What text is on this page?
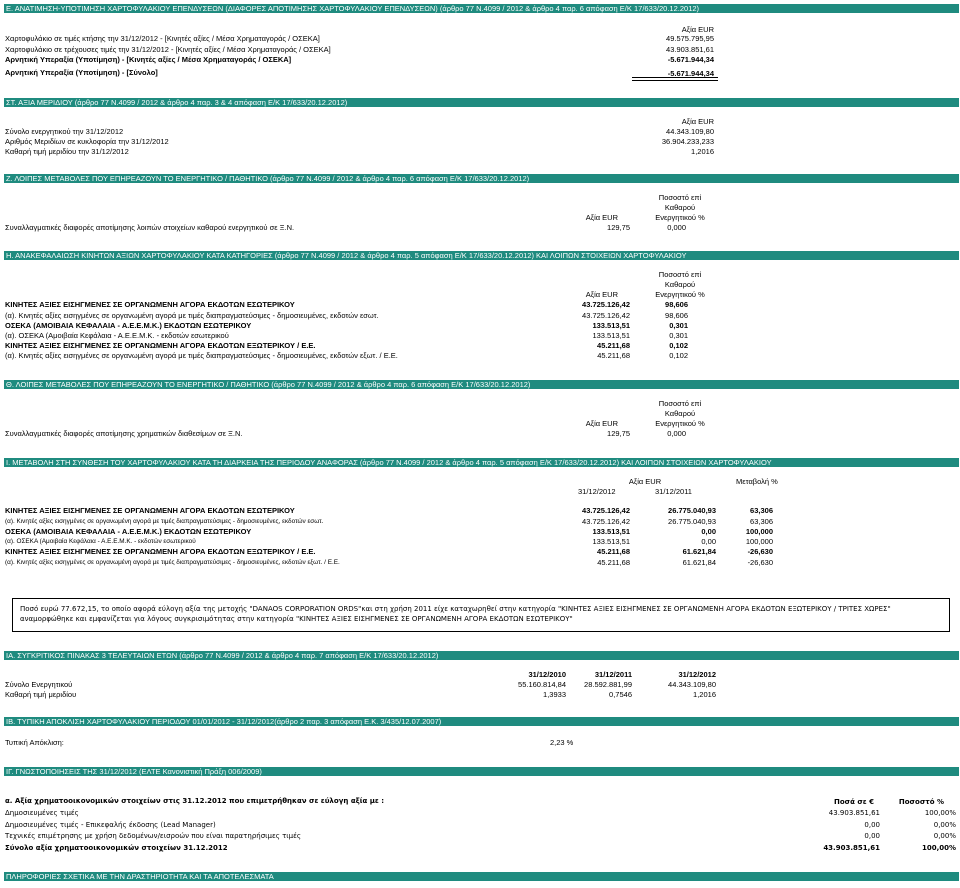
Ε. ΑΝΑΤΙΜΗΣΗ-ΥΠΟΤΙΜΗΣΗ ΧΑΡΤΟΦΥΛΑΚΙΟΥ ΕΠΕΝΔΥΣΕΩΝ (ΔΙΑΦΟΡΕΣ ΑΠΟΤΙΜΗΣΗΣ ΧΑΡΤΟΦΥΛΑΚΙΟΥ ΕΠΕΝΔΥΣΕΩΝ) (άρθρο 77 Ν.4099 / 2012 & άρθρο 4 παρ. 6 απόφαση Ε/Κ 17/633/20.12.2012)
Αξία EUR
Χαρτοφυλάκιο σε τιμές κτήσης την 31/12/2012 - [Κινητές αξίες / Μέσα Χρηματαγοράς / ΟΣΕΚΑ]	49.575.795,95
Χαρτοφυλάκιο σε τρέχουσες τιμές την 31/12/2012 - [Κινητές αξίες / Μέσα Χρηματαγοράς / ΟΣΕΚΑ]	43.903.851,61
Αρνητική Υπεραξία (Υποτίμηση) - [Κινητές αξίες / Μέσα Χρηματαγοράς / ΟΣΕΚΑ]	-5.671.944,34
Αρνητική Υπεραξία (Υποτίμηση) - [Σύνολο]	-5.671.944,34
ΣΤ. ΑΞΙΑ ΜΕΡΙΔΙΟΥ (άρθρο 77 Ν.4099 / 2012 & άρθρο 4 παρ. 3 & 4 απόφαση Ε/Κ 17/633/20.12.2012)
Αξία EUR
Σύνολο ενεργητικού την 31/12/2012	44.343.109,80
Αριθμός Μεριδίων σε κυκλοφορία την 31/12/2012	36.904.233,233
Καθαρή τιμή μεριδίου την 31/12/2012	1,2016
Ζ. ΛΟΙΠΕΣ ΜΕΤΑΒΟΛΕΣ ΠΟΥ ΕΠΗΡΕΑΖΟΥΝ ΤΟ ΕΝΕΡΓΗΤΙΚΟ / ΠΑΘΗΤΙΚΟ (άρθρο 77 Ν.4099 / 2012 & άρθρο 4 παρ. 6 απόφαση Ε/Κ 17/633/20.12.2012)
Ποσοστό επί
Καθαρού
Αξία EUR	Ενεργητικού %
Συναλλαγματικές διαφορές αποτίμησης λοιπών στοιχείων καθαρού ενεργητικού σε Ξ.Ν.	129,75	0,000
Η. ΑΝΑΚΕΦΑΛΑΙΩΣΗ ΚΙΝΗΤΩΝ ΑΞΙΩΝ ΧΑΡΤΟΦΥΛΑΚΙΟΥ ΚΑΤΑ ΚΑΤΗΓΟΡΙΕΣ (άρθρο 77 Ν.4099 / 2012 & άρθρο 4 παρ. 5 απόφαση Ε/Κ 17/633/20.12.2012) ΚΑΙ ΛΟΙΠΩΝ ΣΤΟΙΧΕΙΩΝ ΧΑΡΤΟΦΥΛΑΚΙΟΥ
Ποσοστό επί
Καθαρού
Αξία EUR	Ενεργητικού %
ΚΙΝΗΤΕΣ ΑΞΙΕΣ ΕΙΣΗΓΜΕΝΕΣ ΣΕ ΟΡΓΑΝΩΜΕΝΗ ΑΓΟΡΑ ΕΚΔΟΤΩΝ ΕΣΩΤΕΡΙΚΟΥ	43.725.126,42	98,606
(α). Κινητές αξίες εισηγμένες σε οργανωμένη αγορά με τιμές διαπραγματεύσιμες - δημοσιευμένες, εκδοτών εσωτ.	43.725.126,42	98,606
ΟΣΕΚΑ (ΑΜΟΙΒΑΙΑ ΚΕΦΑΛΑΙΑ - Α.Ε.Ε.Μ.Κ.) ΕΚΔΟΤΩΝ ΕΣΩΤΕΡΙΚΟΥ	133.513,51	0,301
(α). ΟΣΕΚΑ (Αμοιβαία Κεφάλαια - Α.Ε.Ε.Μ.Κ. - εκδοτών εσωτερικού	133.513,51	0,301
ΚΙΝΗΤΕΣ ΑΞΙΕΣ ΕΙΣΗΓΜΕΝΕΣ ΣΕ ΟΡΓΑΝΩΜΕΝΗ ΑΓΟΡΑ ΕΚΔΟΤΩΝ ΕΞΩΤΕΡΙΚΟΥ / Ε.Ε.	45.211,68	0,102
(α). Κινητές αξίες εισηγμένες σε οργανωμένη αγορά με τιμές διαπραγματεύσιμες - δημοσιευμένες, εκδοτών εξωτ. / Ε.Ε.	45.211,68	0,102
Θ. ΛΟΙΠΕΣ ΜΕΤΑΒΟΛΕΣ ΠΟΥ ΕΠΗΡΕΑΖΟΥΝ ΤΟ ΕΝΕΡΓΗΤΙΚΟ / ΠΑΘΗΤΙΚΟ (άρθρο 77 Ν.4099 / 2012 & άρθρο 4 παρ. 6 απόφαση Ε/Κ 17/633/20.12.2012)
Ποσοστό επί
Καθαρού
Αξία EUR	Ενεργητικού %
Συναλλαγματικές διαφορές αποτίμησης χρηματικών διαθεσίμων σε Ξ.Ν.	129,75	0,000
Ι. ΜΕΤΑΒΟΛΗ ΣΤΗ ΣΥΝΘΕΣΗ ΤΟΥ ΧΑΡΤΟΦΥΛΑΚΙΟΥ ΚΑΤΑ ΤΗ ΔΙΑΡΚΕΙΑ ΤΗΣ ΠΕΡΙΟΔΟΥ ΑΝΑΦΟΡΑΣ (άρθρο 77 Ν.4099 / 2012 & άρθρο 4 παρ. 5 απόφαση Ε/Κ 17/633/20.12.2012) ΚΑΙ ΛΟΙΠΩΝ ΣΤΟΙΧΕΙΩΝ ΧΑΡΤΟΦΥΛΑΚΙΟΥ
Αξία EUR	Μεταβολή %
31/12/2012	31/12/2011
ΚΙΝΗΤΕΣ ΑΞΙΕΣ ΕΙΣΗΓΜΕΝΕΣ ΣΕ ΟΡΓΑΝΩΜΕΝΗ ΑΓΟΡΑ ΕΚΔΟΤΩΝ ΕΣΩΤΕΡΙΚΟΥ	43.725.126,42	26.775.040,93	63,306
(α). Κινητές αξίες εισηγμένες σε οργανωμένη αγορά με τιμές διαπραγματεύσιμες - δημοσιευμένες, εκδοτών εσωτ.	43.725.126,42	26.775.040,93	63,306
ΟΣΕΚΑ (ΑΜΟΙΒΑΙΑ ΚΕΦΑΛΑΙΑ - Α.Ε.Ε.Μ.Κ.) ΕΚΔΟΤΩΝ ΕΣΩΤΕΡΙΚΟΥ	133.513,51	0,00	100,000
(α). ΟΣΕΚΑ (Αμοιβαία Κεφάλαια - Α.Ε.Ε.Μ.Κ. - εκδοτών εσωτερικού	133.513,51	0,00	100,000
ΚΙΝΗΤΕΣ ΑΞΙΕΣ ΕΙΣΗΓΜΕΝΕΣ ΣΕ ΟΡΓΑΝΩΜΕΝΗ ΑΓΟΡΑ ΕΚΔΟΤΩΝ ΕΞΩΤΕΡΙΚΟΥ / Ε.Ε.	45.211,68	61.621,84	-26,630
(α). Κινητές αξίες εισηγμένες σε οργανωμένη αγορά με τιμές διαπραγματεύσιμες - δημοσιευμένες, εκδοτών εξωτ. / Ε.Ε.	45.211,68	61.621,84	-26,630
Ποσό ευρώ 77.672,15, το οποίο αφορά εύλογη αξία της μετοχής "DANAOS CORPORATION ORDS"και στη χρήση 2011 είχε καταχωρηθεί στην κατηγορία "ΚΙΝΗΤΕΣ ΑΞΙΕΣ ΕΙΣΗΓΜΕΝΕΣ ΣΕ ΟΡΓΑΝΩΜΕΝΗ ΑΓΟΡΑ ΕΚΔΟΤΩΝ ΕΞΩΤΕΡΙΚΟΥ / ΤΡΙΤΕΣ ΧΩΡΕΣ"
αναμορφώθηκε και εμφανίζεται για λόγους συγκρισιμότητας στην κατηγορία "ΚΙΝΗΤΕΣ ΑΞΙΕΣ ΕΙΣΗΓΜΕΝΕΣ ΣΕ ΟΡΓΑΝΩΜΕΝΗ ΑΓΟΡΑ ΕΚΔΟΤΩΝ ΕΣΩΤΕΡΙΚΟΥ"
ΙΑ. ΣΥΓΚΡΙΤΙΚΟΣ ΠΙΝΑΚΑΣ 3 ΤΕΛΕΥΤΑΙΩΝ ΕΤΩΝ (άρθρο 77 Ν.4099 / 2012 & άρθρο 4 παρ. 7 απόφαση Ε/Κ 17/633/20.12.2012)
31/12/2010	31/12/2011	31/12/2012
Σύνολο Ενεργητικού	55.160.814,84	28.592.881,99	44.343.109,80
Καθαρή τιμή μεριδίου	1,3933	0,7546	1,2016
ΙΒ. ΤΥΠΙΚΗ ΑΠΟΚΛΙΣΗ ΧΑΡΤΟΦΥΛΑΚΙΟΥ ΠΕΡΙΟΔΟΥ 01/01/2012 - 31/12/2012(άρθρο 2 παρ. 3 απόφαση Ε.Κ. 3/435/12.07.2007)
Τυπική Απόκλιση:	2,23 %
ΙΓ. ΓΝΩΣΤΟΠΟΙΗΣΕΙΣ ΤΗΣ 31/12/2012 (ΕΛΤΕ Κανονιστική Πράξη 006/2009)
α. Αξία χρηματοοικονομικών στοιχείων στις 31.12.2012 που επιμετρήθηκαν σε εύλογη αξία με :	Ποσά σε €	Ποσοστό %
Δημοσιευμένες τιμές	43.903.851,61	100,00%
Δημοσιευμένες τιμές - Επικεφαλής έκδοσης (Lead Manager)	0,00	0,00%
Τεχνικές επιμέτρησης με χρήση δεδομένων/εισροών που είναι παρατηρήσιμες τιμές	0,00	0,00%
Σύνολο αξία χρηματοοικονομικών στοιχείων 31.12.2012	43.903.851,61	100,00%
ΠΛΗΡΟΦΟΡΙΕΣ ΣΧΕΤΙΚΑ ΜΕ ΤΗΝ ΔΡΑΣΤΗΡΙΟΤΗΤΑ ΚΑΙ ΤΑ ΑΠΟΤΕΛΕΣΜΑΤΑ
